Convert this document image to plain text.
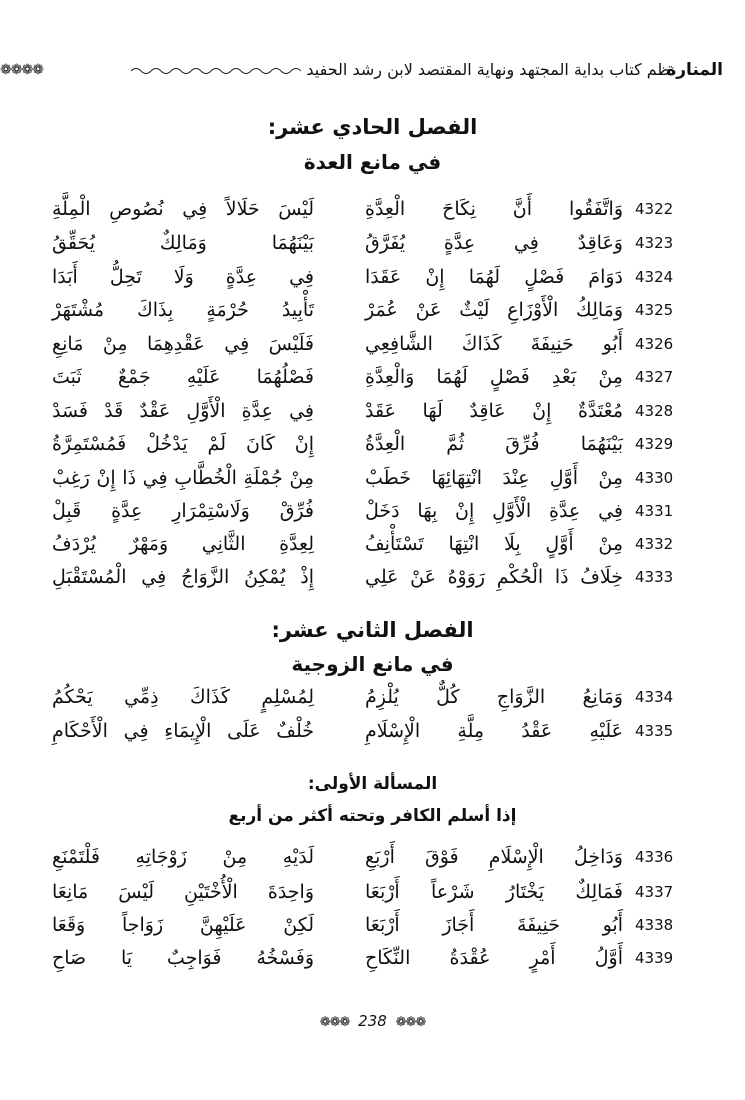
المنارة
نظم كتاب بداية المجتهد ونهاية المقتصد لابن رشد الحفيد
❁❁❁❁
الفصل الحادي عشر:
في مانع العدة
4322
وَاتَّفَقُوا أَنَّ نِكَاحَ الْعِدَّةِ
لَيْسَ حَلَالاً فِي نُصُوصِ الْمِلَّةِ
4323
وَعَاقِدٌ فِي عِدَّةٍ يُفَرَّقُ
بَيْنَهُمَا وَمَالِكٌ يُحَقِّقُ
4324
دَوَامَ فَصْلٍ لَهُمَا إِنْ عَقَدَا
فِي عِدَّةٍ وَلَا تَحِلُّ أَبَدَا
4325
وَمَالِكُ الْأَوْزَاعِ لَيْثٌ عَنْ عُمَرْ
تَأْبِيدُ حُرْمَةٍ بِذَاكَ مُشْتَهَرْ
4326
أَبُو حَنِيفَةَ كَذَاكَ الشَّافِعِي
فَلَيْسَ فِي عَقْدِهِمَا مِنْ مَانِعِ
4327
مِنْ بَعْدِ فَصْلٍ لَهُمَا وَالْعِدَّةِ
فَصْلُهُمَا عَلَيْهِ جَمْعٌ ثَبَتَ
4328
مُعْتَدَّةٌ إِنْ عَاقِدٌ لَهَا عَقَدْ
فِي عِدَّةِ الْأَوَّلِ عَقْدٌ قَدْ فَسَدْ
4329
بَيْنَهُمَا فُرِّقَ ثُمَّ الْعِدَّةُ
إِنْ كَانَ لَمْ يَدْخُلْ فَمُسْتَمِرَّةُ
4330
مِنْ أَوَّلِ عِنْدَ انْتِهَائِهَا خَطَبْ
مِنْ جُمْلَةِ الْخُطَّابِ فِي ذَا إِنْ رَغِبْ
4331
فِي عِدَّةِ الْأَوَّلِ إِنْ بِهَا دَخَلْ
فُرِّقْ وَلَاسْتِمْرَارِ عِدَّةٍ قَبِلْ
4332
مِنْ أَوَّلٍ بِلَا انْتِهَا تَسْتَأْنِفُ
لِعِدَّةِ الثَّانِي وَمَهْرٌ يُرْدَفُ
4333
خِلَافُ ذَا الْحُكْمِ رَوَوْهُ عَنْ عَلِي
إِذْ يُمْكِنُ الزَّوَاجُ فِي الْمُسْتَقْبَلِ
الفصل الثاني عشر:
في مانع الزوجية
4334
وَمَانِعُ الزَّوَاجِ كُلٌّ يُلْزِمُ
لِمُسْلِمٍ كَذَاكَ ذِمِّي يَحْكُمُ
4335
عَلَيْهِ عَقْدُ مِلَّةِ الْإِسْلَامِ
خُلْفٌ عَلَى الْإِيمَاءِ فِي الْأَحْكَامِ
المسألة الأولى:
إذا أسلم الكافر وتحته أكثر من أربع
4336
وَدَاخِلُ الْإِسْلَامِ فَوْقَ أَرْبَعِ
لَدَيْهِ مِنْ زَوْجَاتِهِ فَلْتَمْنَعِ
4337
فَمَالِكٌ يَخْتَارُ شَرْعاً أَرْبَعَا
وَاحِدَةَ الْأُخْتَيْنِ لَيْسَ مَانِعَا
4338
أَبُو حَنِيفَةَ أَجَازَ أَرْبَعَا
لَكِنْ عَلَيْهِنَّ زَوَاجاً وَقَعَا
4339
أَوَّلُ أَمْرٍ عُقْدَةُ النِّكَاحِ
وَفَسْخُهُ فَوَاجِبٌ يَا صَاحِ
❁❁❁ 238 ❁❁❁
